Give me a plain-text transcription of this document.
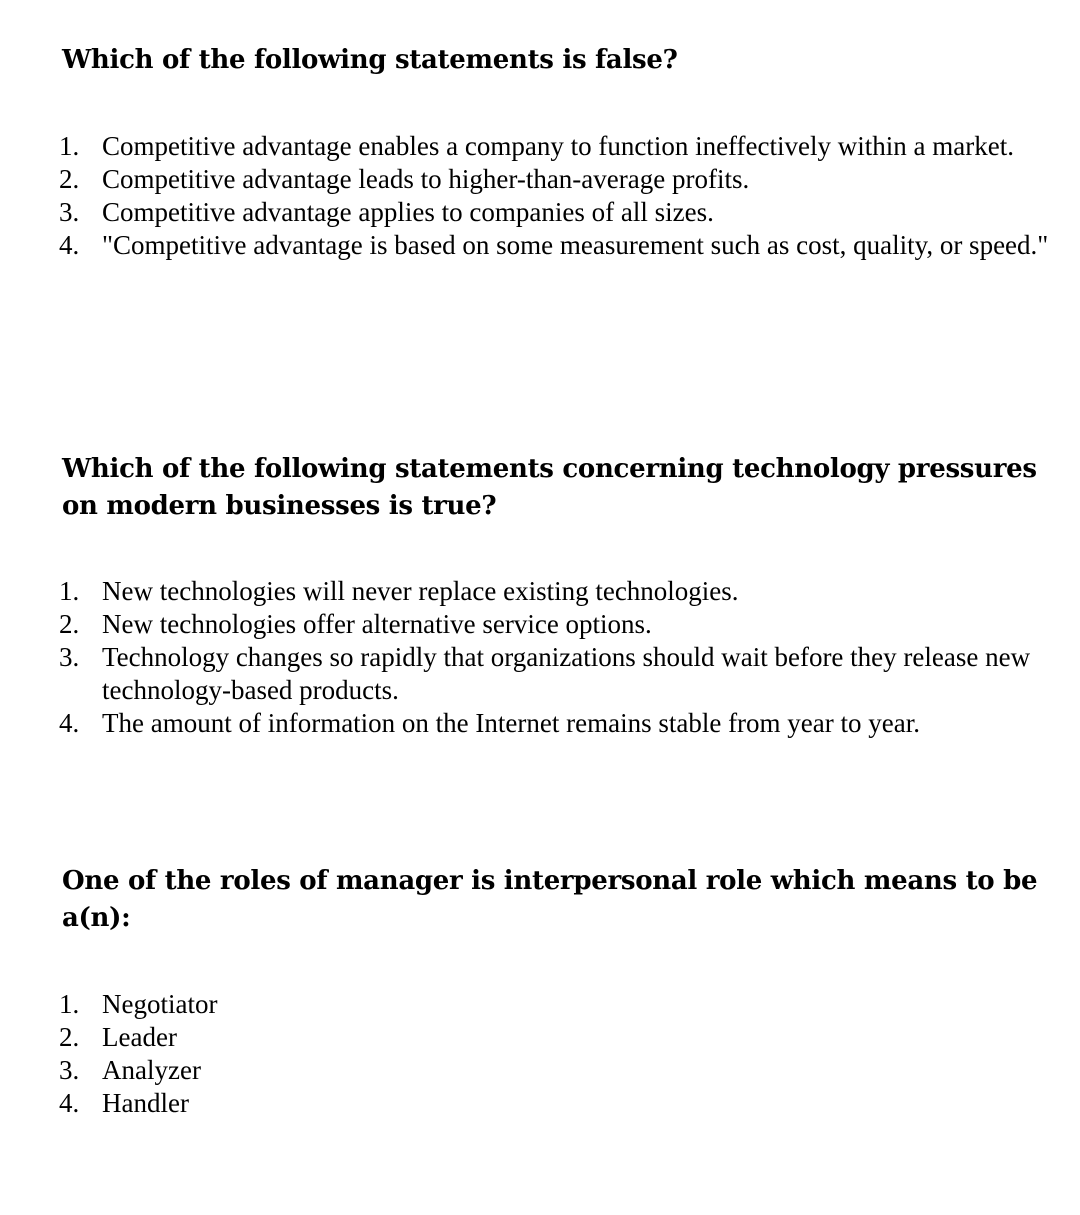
Which of the following statements is false?
1. Competitive advantage enables a company to function ineffectively within a market.
2. Competitive advantage leads to higher-than-average profits.
3. Competitive advantage applies to companies of all sizes.
4. "Competitive advantage is based on some measurement such as cost, quality, or speed."
Which of the following statements concerning technology pressures on modern businesses is true?
1. New technologies will never replace existing technologies.
2. New technologies offer alternative service options.
3. Technology changes so rapidly that organizations should wait before they release new technology-based products.
4. The amount of information on the Internet remains stable from year to year.
One of the roles of manager is interpersonal role which means to be a(n):
1. Negotiator
2. Leader
3. Analyzer
4. Handler
